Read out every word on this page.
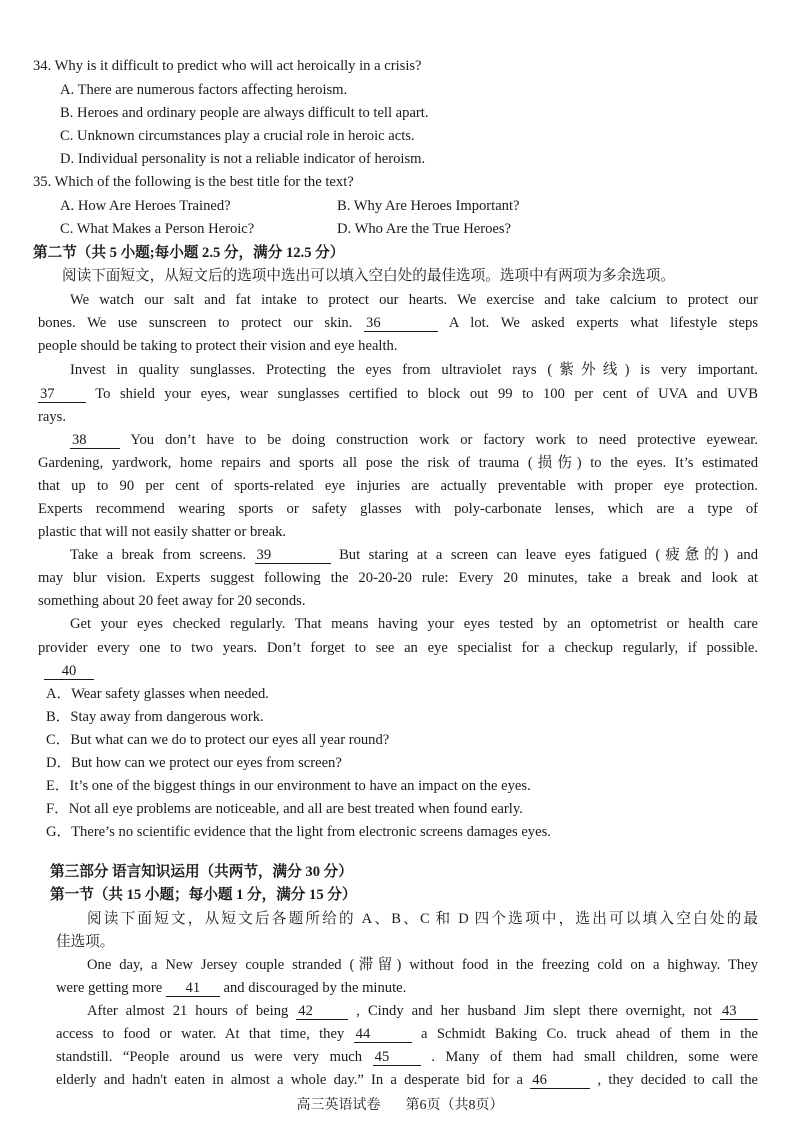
34. Why is it difficult to predict who will act heroically in a crisis?
A. There are numerous factors affecting heroism.
B. Heroes and ordinary people are always difficult to tell apart.
C. Unknown circumstances play a crucial role in heroic acts.
D. Individual personality is not a reliable indicator of heroism.
35. Which of the following is the best title for the text?
A. How Are Heroes Trained?	B. Why Are Heroes Important?
C. What Makes a Person Heroic?	D. Who Are the True Heroes?
第二节（共 5 小题;每小题 2.5 分，满分 12.5 分）
阅读下面短文，从短文后的选项中选出可以填入空白处的最佳选项。选项中有两项为多余选项。
We watch our salt and fat intake to protect our hearts. We exercise and take calcium to protect our
bones. We use sunscreen to protect our skin. 36	A lot. We asked experts what lifestyle steps
people should be taking to protect their vision and eye health.
Invest in quality sunglasses. Protecting the eyes from ultraviolet rays (紫外线) is very important.
37	To shield your eyes, wear sunglasses certified to block out 99 to 100 per cent of UVA and UVB
rays.
38	You don’t have to be doing construction work or factory work to need protective eyewear.
Gardening, yardwork, home repairs and sports all pose the risk of trauma (损伤) to the eyes. It’s estimated
that up to 90 per cent of sports-related eye injuries are actually preventable with proper eye protection.
Experts recommend wearing sports or safety glasses with poly-carbonate lenses, which are a type of
plastic that will not easily shatter or break.
Take a break from screens. 39	But staring at a screen can leave eyes fatigued (疲惫的) and
may blur vision. Experts suggest following the 20-20-20 rule: Every 20 minutes, take a break and look at
something about 20 feet away for 20 seconds.
Get your eyes checked regularly. That means having your eyes tested by an optometrist or health care
provider every one to two years. Don’t forget to see an eye specialist for a checkup regularly, if possible.
40
A．Wear safety glasses when needed.
B．Stay away from dangerous work.
C．But what can we do to protect our eyes all year round?
D．But how can we protect our eyes from screen?
E．It’s one of the biggest things in our environment to have an impact on the eyes.
F．Not all eye problems are noticeable, and all are best treated when found early.
G．There’s no scientific evidence that the light from electronic screens damages eyes.
第三部分 语言知识运用（共两节，满分 30 分）
第一节（共 15 小题；每小题 1 分，满分 15 分）
阅读下面短文，从短文后各题所给的 A、B、C 和 D 四个选项中，选出可以填入空白处的最
佳选项。
One day, a New Jersey couple stranded (滞留) without food in the freezing cold on a highway. They
were getting more 41 and discouraged by the minute.
After almost 21 hours of being 42	, Cindy and her husband Jim slept there overnight, not 43
access to food or water. At that time, they 44	a Schmidt Baking Co. truck ahead of them in the
standstill. “People around us were very much 45	. Many of them had small children, some were
elderly and hadn't eaten in almost a whole day.” In a desperate bid for a 46	, they decided to call the
高三英语试卷 第6页（共8页）
